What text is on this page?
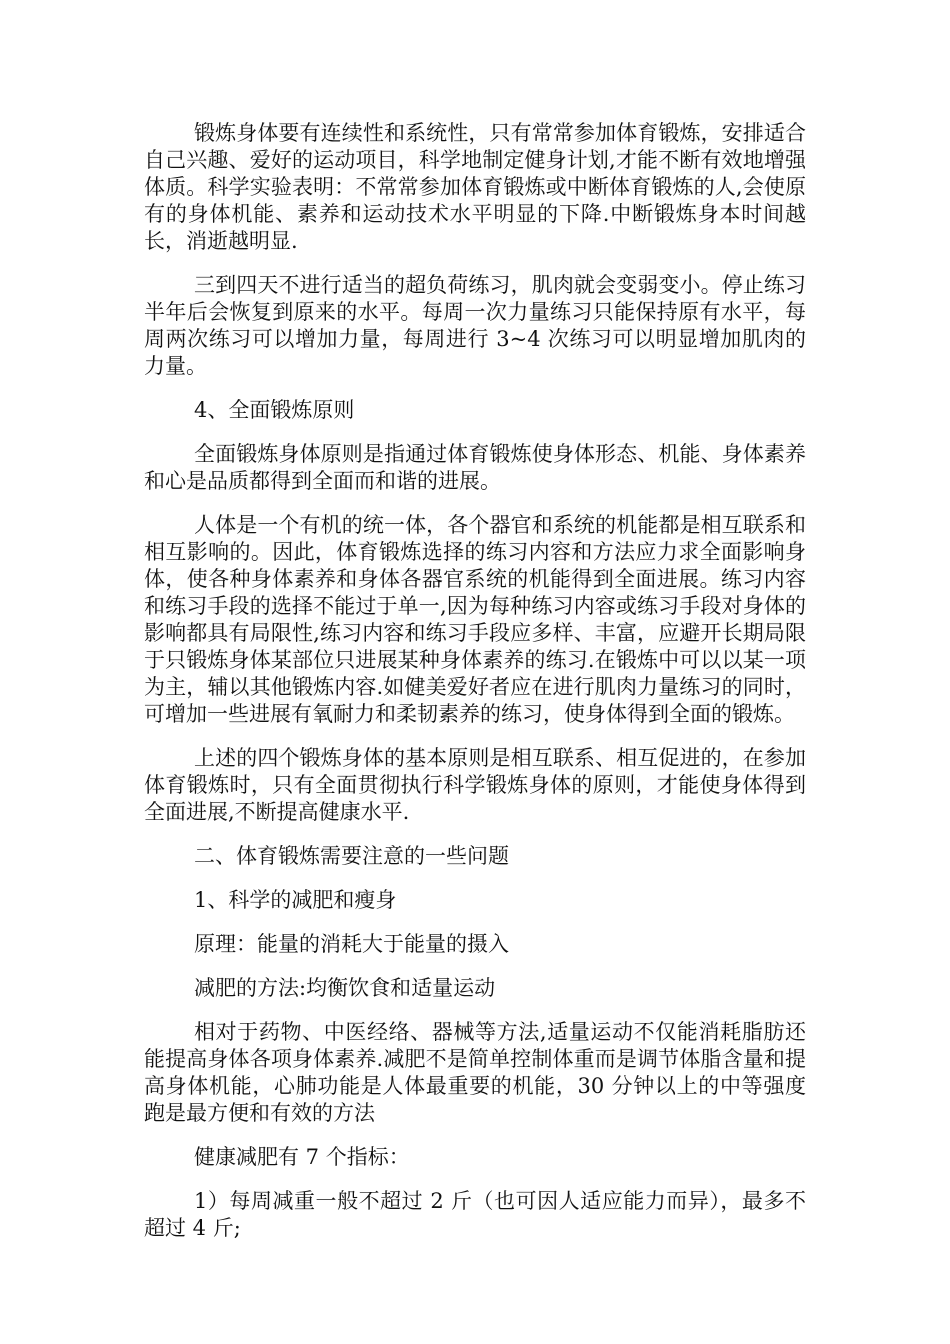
锻炼身体要有连续性和系统性，只有常常参加体育锻炼，安排适合自己兴趣、爱好的运动项目，科学地制定健身计划,才能不断有效地增强体质。科学实验表明：不常常参加体育锻炼或中断体育锻炼的人,会使原有的身体机能、素养和运动技术水平明显的下降.中断锻炼身本时间越长，消逝越明显.

三到四天不进行适当的超负荷练习，肌肉就会变弱变小。停止练习半年后会恢复到原来的水平。每周一次力量练习只能保持原有水平，每周两次练习可以增加力量，每周进行 3~4 次练习可以明显增加肌肉的力量。

4、全面锻炼原则

全面锻炼身体原则是指通过体育锻炼使身体形态、机能、身体素养和心是品质都得到全面而和谐的进展。

人体是一个有机的统一体，各个器官和系统的机能都是相互联系和相互影响的。因此，体育锻炼选择的练习内容和方法应力求全面影响身体，使各种身体素养和身体各器官系统的机能得到全面进展。练习内容和练习手段的选择不能过于单一,因为每种练习内容或练习手段对身体的影响都具有局限性,练习内容和练习手段应多样、丰富，应避开长期局限于只锻炼身体某部位只进展某种身体素养的练习.在锻炼中可以以某一项为主，辅以其他锻炼内容.如健美爱好者应在进行肌肉力量练习的同时，可增加一些进展有氧耐力和柔韧素养的练习，使身体得到全面的锻炼。

上述的四个锻炼身体的基本原则是相互联系、相互促进的，在参加体育锻炼时，只有全面贯彻执行科学锻炼身体的原则，才能使身体得到全面进展,不断提高健康水平.

二、体育锻炼需要注意的一些问题

1、科学的减肥和瘦身

原理：能量的消耗大于能量的摄入

减肥的方法:均衡饮食和适量运动

相对于药物、中医经络、器械等方法,适量运动不仅能消耗脂肪还能提高身体各项身体素养.减肥不是简单控制体重而是调节体脂含量和提高身体机能，心肺功能是人体最重要的机能，30 分钟以上的中等强度跑是最方便和有效的方法

健康减肥有 7 个指标：

1）每周减重一般不超过 2 斤（也可因人适应能力而异），最多不超过 4 斤;
